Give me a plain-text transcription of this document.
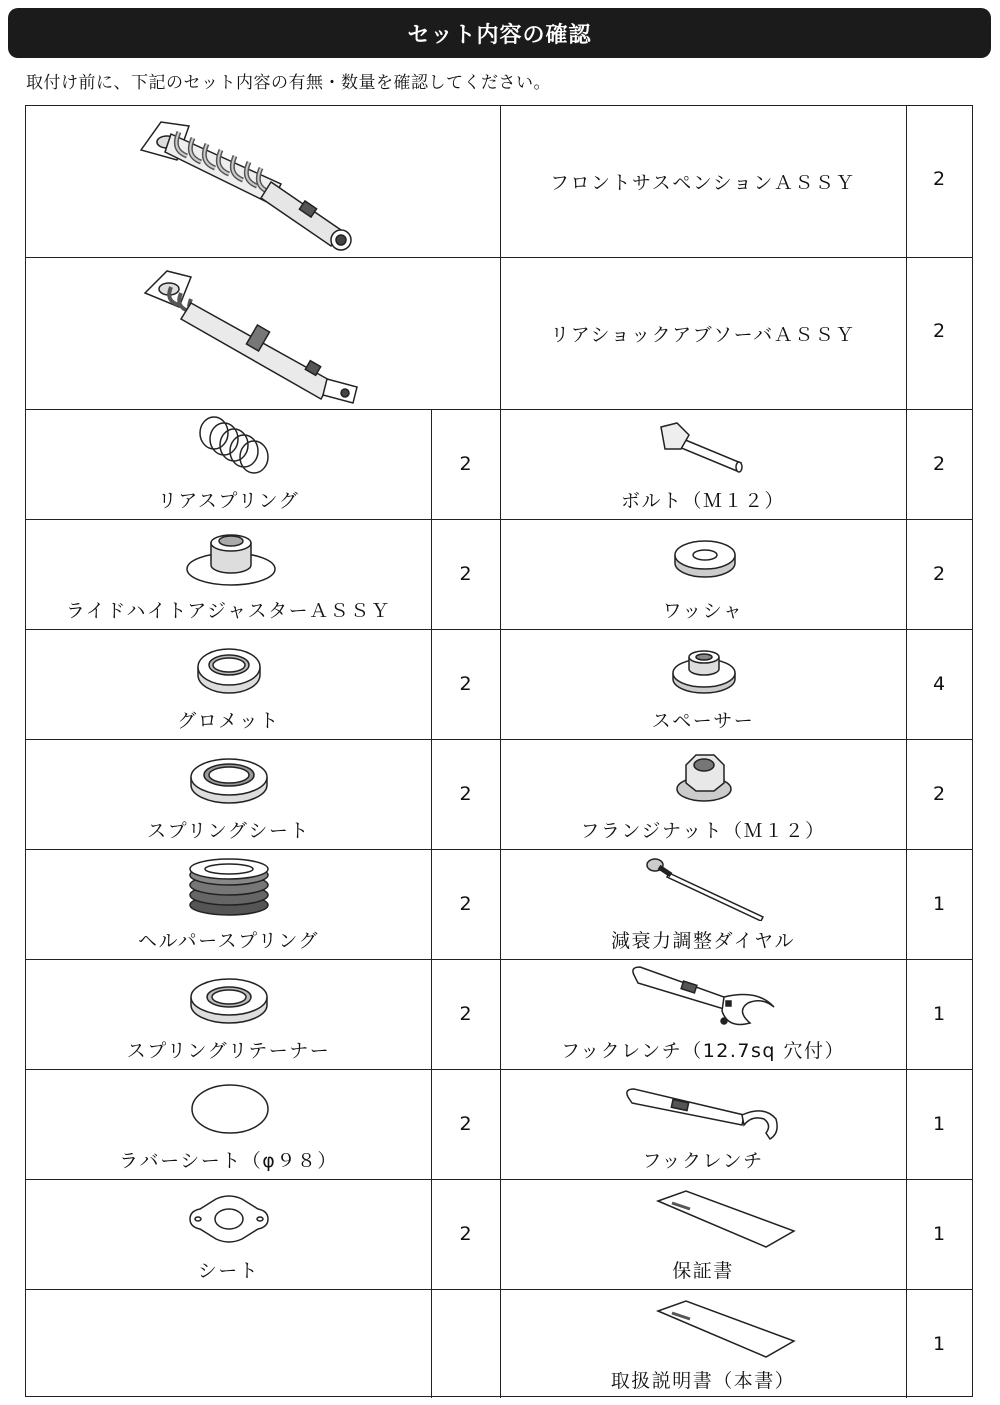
セット内容の確認
取付け前に、下記のセット内容の有無・数量を確認してください。
フロントサスペンションＡＳＳＹ	2
リアショックアブソーバＡＳＳＹ	2
リアスプリング
2
ボルト（Ｍ１２）
2
ライドハイトアジャスターＡＳＳＹ
2
ワッシャ
2
グロメット
2
スペーサー
4
スプリングシート
2
フランジナット（Ｍ１２）
2
ヘルパースプリング
2
減衰力調整ダイヤル
1
スプリングリテーナー
2
フックレンチ（12.7sq 穴付）
1
ラバーシート（φ９８）
2
フックレンチ
1
シート
2
保証書
1
取扱説明書（本書）
1
